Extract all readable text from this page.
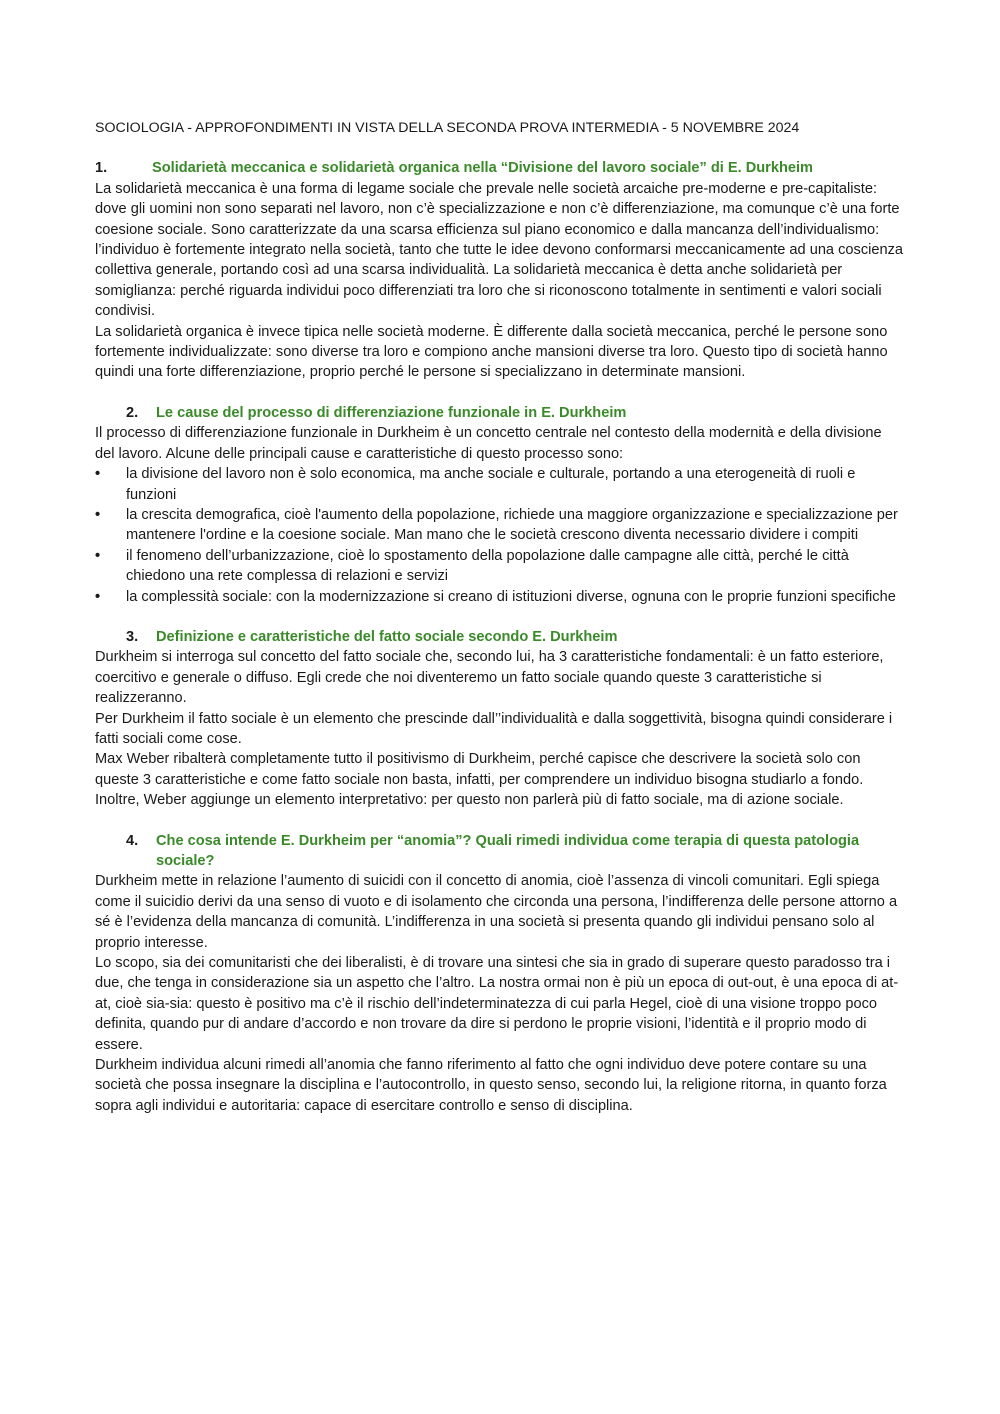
SOCIOLOGIA - APPROFONDIMENTI IN VISTA DELLA SECONDA PROVA INTERMEDIA - 5 NOVEMBRE 2024

1.	Solidarietà meccanica e solidarietà organica nella “Divisione del lavoro sociale” di E. Durkheim

La solidarietà meccanica è una forma di legame sociale che prevale nelle società arcaiche pre-moderne e pre-capitaliste: dove gli uomini non sono separati nel lavoro, non c’è specializzazione e non c’è differenziazione, ma comunque c’è una forte coesione sociale. Sono caratterizzate da una scarsa efficienza sul piano economico e dalla mancanza dell’individualismo: l’individuo è fortemente integrato nella società, tanto che tutte le idee devono conformarsi meccanicamente ad una coscienza collettiva generale, portando così ad una scarsa individualità. La solidarietà meccanica è detta anche solidarietà per somiglianza: perché riguarda individui poco differenziati tra loro che si riconoscono totalmente in sentimenti e valori sociali condivisi.

La solidarietà organica è invece tipica nelle società moderne. È differente dalla società meccanica, perché le persone sono fortemente individualizzate: sono diverse tra loro e compiono anche mansioni diverse tra loro. Questo tipo di società hanno quindi una forte differenziazione, proprio perché le persone si specializzano in determinate mansioni.

2.	Le cause del processo di differenziazione funzionale in E. Durkheim

Il processo di differenziazione funzionale in Durkheim è un concetto centrale nel contesto della modernità e della divisione del lavoro. Alcune delle principali cause e caratteristiche di questo processo sono:

•	la divisione del lavoro non è solo economica, ma anche sociale e culturale, portando a una eterogeneità di ruoli e funzioni
•	la crescita demografica, cioè l'aumento della popolazione, richiede una maggiore organizzazione e specializzazione per mantenere l'ordine e la coesione sociale. Man mano che le società crescono diventa necessario dividere i compiti
•	il fenomeno dell’urbanizzazione, cioè lo spostamento della popolazione dalle campagne alle città, perché le città chiedono una rete complessa di relazioni e servizi
•	la complessità sociale: con la modernizzazione si creano di istituzioni diverse, ognuna con le proprie funzioni specifiche
3.	Definizione e caratteristiche del fatto sociale secondo E. Durkheim

Durkheim si interroga sul concetto del fatto sociale che, secondo lui, ha 3 caratteristiche fondamentali: è un fatto esteriore, coercitivo e generale o diffuso. Egli crede che noi diventeremo un fatto sociale quando queste 3 caratteristiche si realizzeranno.

Per Durkheim il fatto sociale è un elemento che prescinde dall’’individualità e dalla soggettività, bisogna quindi considerare i fatti sociali come cose.

Max Weber ribalterà completamente tutto il positivismo di Durkheim, perché capisce che descrivere la società solo con queste 3 caratteristiche e come fatto sociale non basta, infatti, per comprendere un individuo bisogna studiarlo a fondo. Inoltre, Weber aggiunge un elemento interpretativo: per questo non parlerà più di fatto sociale, ma di azione sociale.

4.	Che cosa intende E. Durkheim per “anomia”? Quali rimedi individua come terapia di questa patologia sociale?

Durkheim mette in relazione l’aumento di suicidi con il concetto di anomia, cioè l’assenza di vincoli comunitari. Egli spiega come il suicidio derivi da una senso di vuoto e di isolamento che circonda una persona, l’indifferenza delle persone attorno a sé è l’evidenza della mancanza di comunità. L’indifferenza in una società si presenta quando gli individui pensano solo al proprio interesse.

Lo scopo, sia dei comunitaristi che dei liberalisti, è di trovare una sintesi che sia in grado di superare questo paradosso tra i due, che tenga in considerazione sia un aspetto che l’altro. La nostra ormai non è più un epoca di out-out, è una epoca di at-at, cioè sia-sia: questo è positivo ma c’è il rischio dell’indeterminatezza di cui parla Hegel, cioè di una visione troppo poco definita, quando pur di andare d’accordo e non trovare da dire si perdono le proprie visioni, l’identità e il proprio modo di essere.

Durkheim individua alcuni rimedi all’anomia che fanno riferimento al fatto che ogni individuo deve potere contare su una società che possa insegnare la disciplina e l’autocontrollo, in questo senso, secondo lui, la religione ritorna, in quanto forza sopra agli individui e autoritaria: capace di esercitare controllo e senso di disciplina.
